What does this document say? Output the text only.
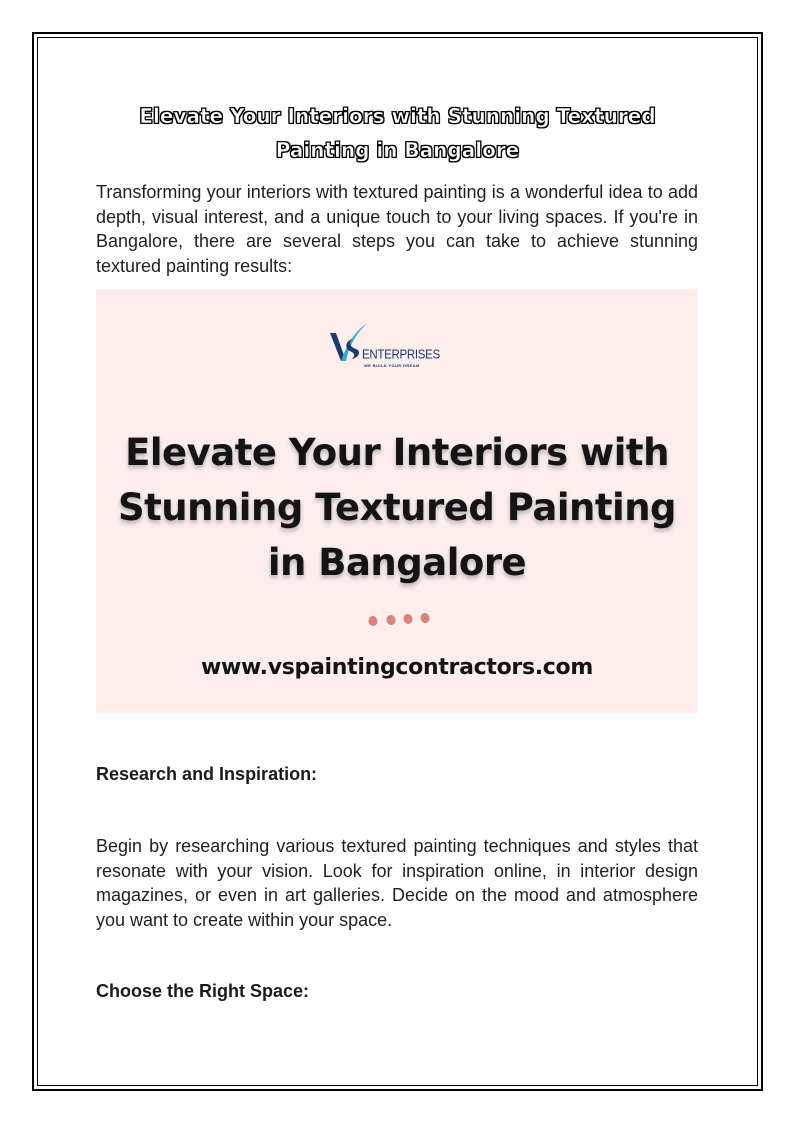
Elevate Your Interiors with Stunning Textured
Painting in Bangalore

Transforming your interiors with textured painting is a wonderful idea to add depth, visual interest, and a unique touch to your living spaces. If you're in Bangalore, there are several steps you can take to achieve stunning textured painting results:

ENTERPRISES
WE BUILD YOUR DREAM
Elevate Your Interiors with
Stunning Textured Painting
in Bangalore
www.vspaintingcontractors.com
Research and Inspiration:

Begin by researching various textured painting techniques and styles that resonate with your vision. Look for inspiration online, in interior design magazines, or even in art galleries. Decide on the mood and atmosphere you want to create within your space.

Choose the Right Space:
